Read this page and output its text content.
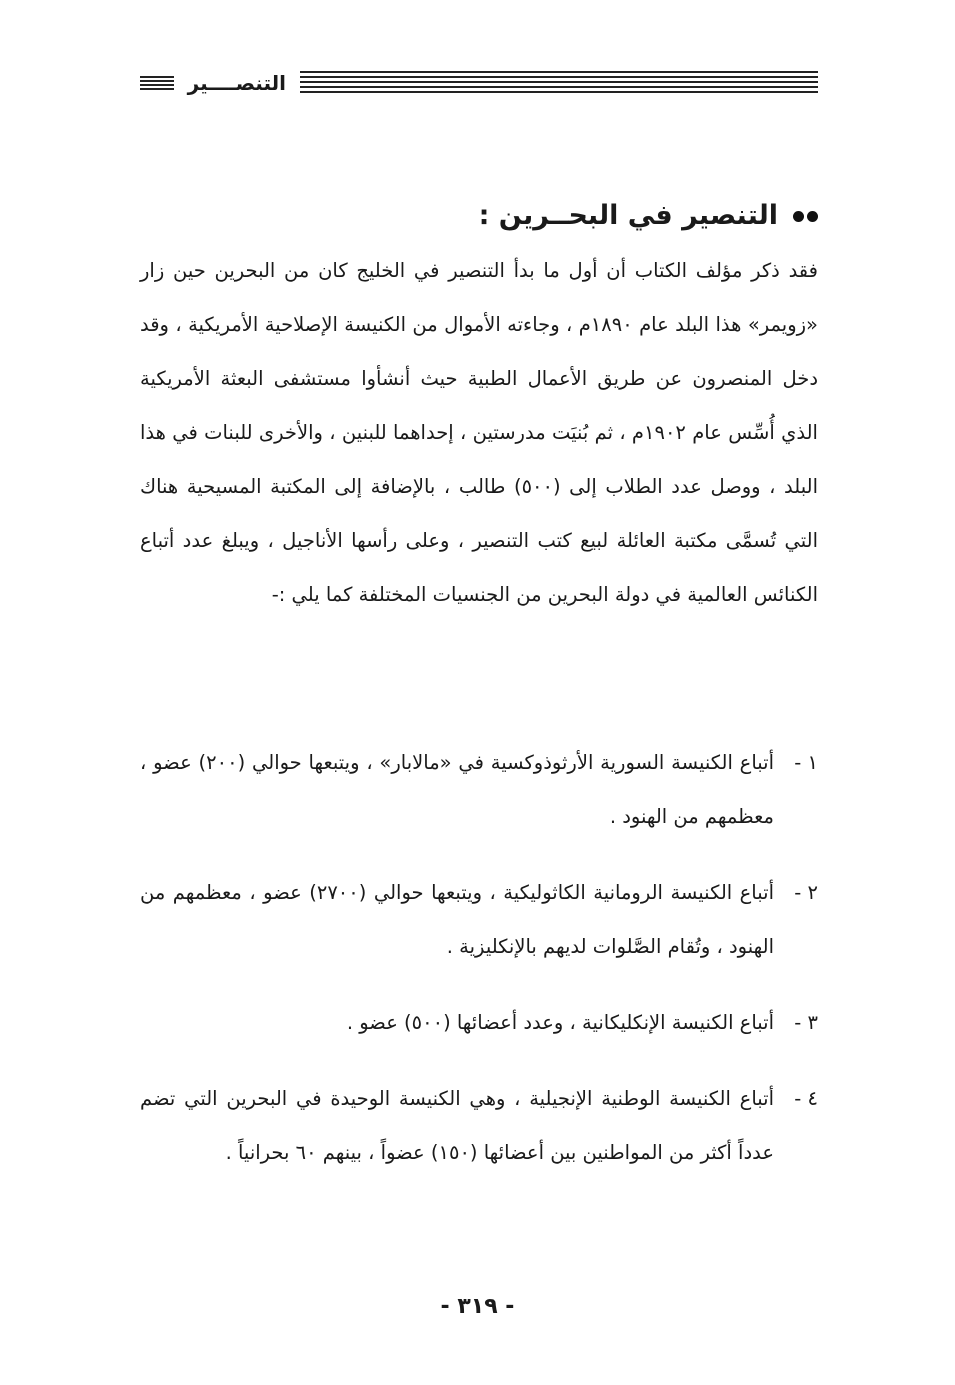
التنصــــير
التنصير في البحــرين :

فقد ذكر مؤلف الكتاب أن أول ما بدأ التنصير في الخليج كان من البحرين حين زار «زويمر» هذا البلد عام ١٨٩٠م ، وجاءته الأموال من الكنيسة الإصلاحية الأمريكية ، وقد دخل المنصرون عن طريق الأعمال الطبية حيث أنشأوا مستشفى البعثة الأمريكية الذي أُسِّس عام ١٩٠٢م ، ثم بُنيَت مدرستين ، إحداهما للبنين ، والأخرى للبنات في هذا البلد ، ووصل عدد الطلاب إلى (٥٠٠) طالب ، بالإضافة إلى المكتبة المسيحية هناك التي تُسمَّى مكتبة العائلة لبيع كتب التنصير ، وعلى رأسها الأناجيل ، ويبلغ عدد أتباع الكنائس العالمية في دولة البحرين من الجنسيات المختلفة كما يلي :-

١ -
أتباع الكنيسة السورية الأرثوذوكسية في «مالابار» ، ويتبعها حوالي (٢٠٠) عضو ، معظمهم من الهنود .
٢ -
أتباع الكنيسة الرومانية الكاثوليكية ، ويتبعها حوالي (٢٧٠٠) عضو ، معظمهم من الهنود ، وتُقام الصَّلوات لديهم بالإنكليزية .
٣ -
أتباع الكنيسة الإنكليكانية ، وعدد أعضائها (٥٠٠) عضو .
٤ -
أتباع الكنيسة الوطنية الإنجيلية ، وهي الكنيسة الوحيدة في البحرين التي تضم عدداً أكثر من المواطنين بين أعضائها (١٥٠) عضواً ، بينهم ٦٠ بحرانياً .
- ٣١٩ -
